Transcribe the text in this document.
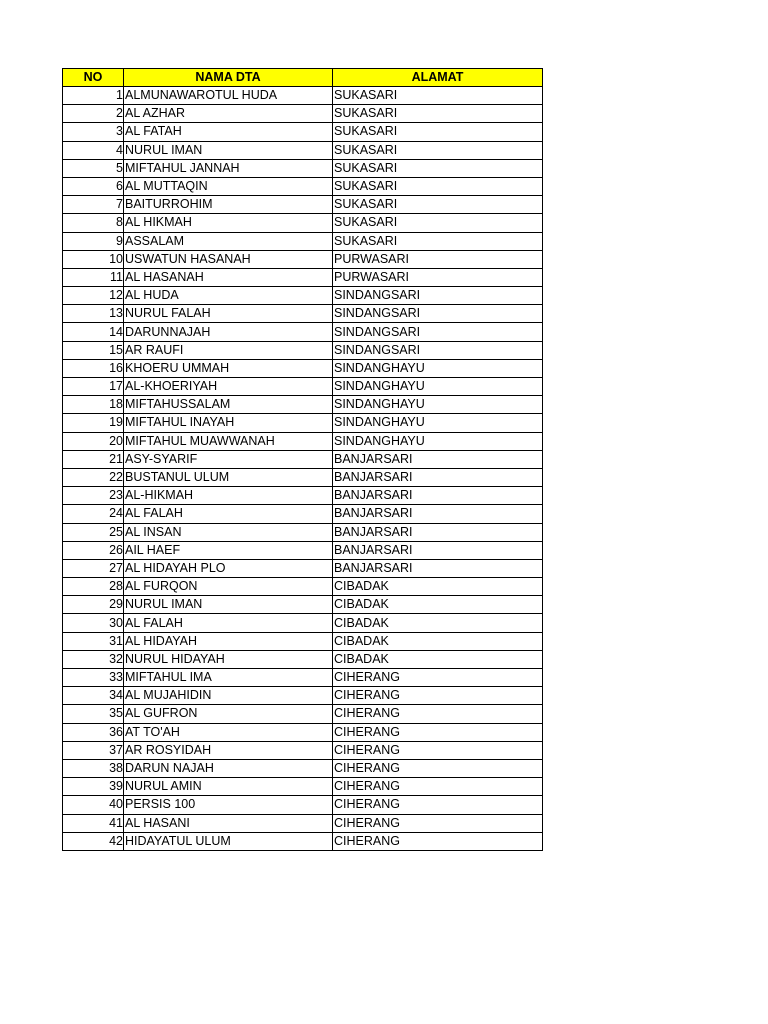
NO	NAMA DTA	ALAMAT
1	ALMUNAWAROTUL HUDA	SUKASARI
2	AL AZHAR	SUKASARI
3	AL FATAH	SUKASARI
4	NURUL IMAN	SUKASARI
5	MIFTAHUL JANNAH	SUKASARI
6	AL MUTTAQIN	SUKASARI
7	BAITURROHIM	SUKASARI
8	AL HIKMAH	SUKASARI
9	ASSALAM	SUKASARI
10	USWATUN HASANAH	PURWASARI
11	AL HASANAH	PURWASARI
12	AL HUDA	SINDANGSARI
13	NURUL FALAH	SINDANGSARI
14	DARUNNAJAH	SINDANGSARI
15	AR RAUFI	SINDANGSARI
16	KHOERU UMMAH	SINDANGHAYU
17	AL-KHOERIYAH	SINDANGHAYU
18	MIFTAHUSSALAM	SINDANGHAYU
19	MIFTAHUL INAYAH	SINDANGHAYU
20	MIFTAHUL MUAWWANAH	SINDANGHAYU
21	ASY-SYARIF	BANJARSARI
22	BUSTANUL ULUM	BANJARSARI
23	AL-HIKMAH	BANJARSARI
24	AL FALAH	BANJARSARI
25	AL INSAN	BANJARSARI
26	AIL HAEF	BANJARSARI
27	AL HIDAYAH PLO	BANJARSARI
28	AL FURQON	CIBADAK
29	NURUL IMAN	CIBADAK
30	AL FALAH	CIBADAK
31	AL HIDAYAH	CIBADAK
32	NURUL HIDAYAH	CIBADAK
33	MIFTAHUL IMA	CIHERANG
34	AL MUJAHIDIN	CIHERANG
35	AL GUFRON	CIHERANG
36	AT TO'AH	CIHERANG
37	AR ROSYIDAH	CIHERANG
38	DARUN NAJAH	CIHERANG
39	NURUL AMIN	CIHERANG
40	PERSIS 100	CIHERANG
41	AL HASANI	CIHERANG
42	HIDAYATUL ULUM	CIHERANG
